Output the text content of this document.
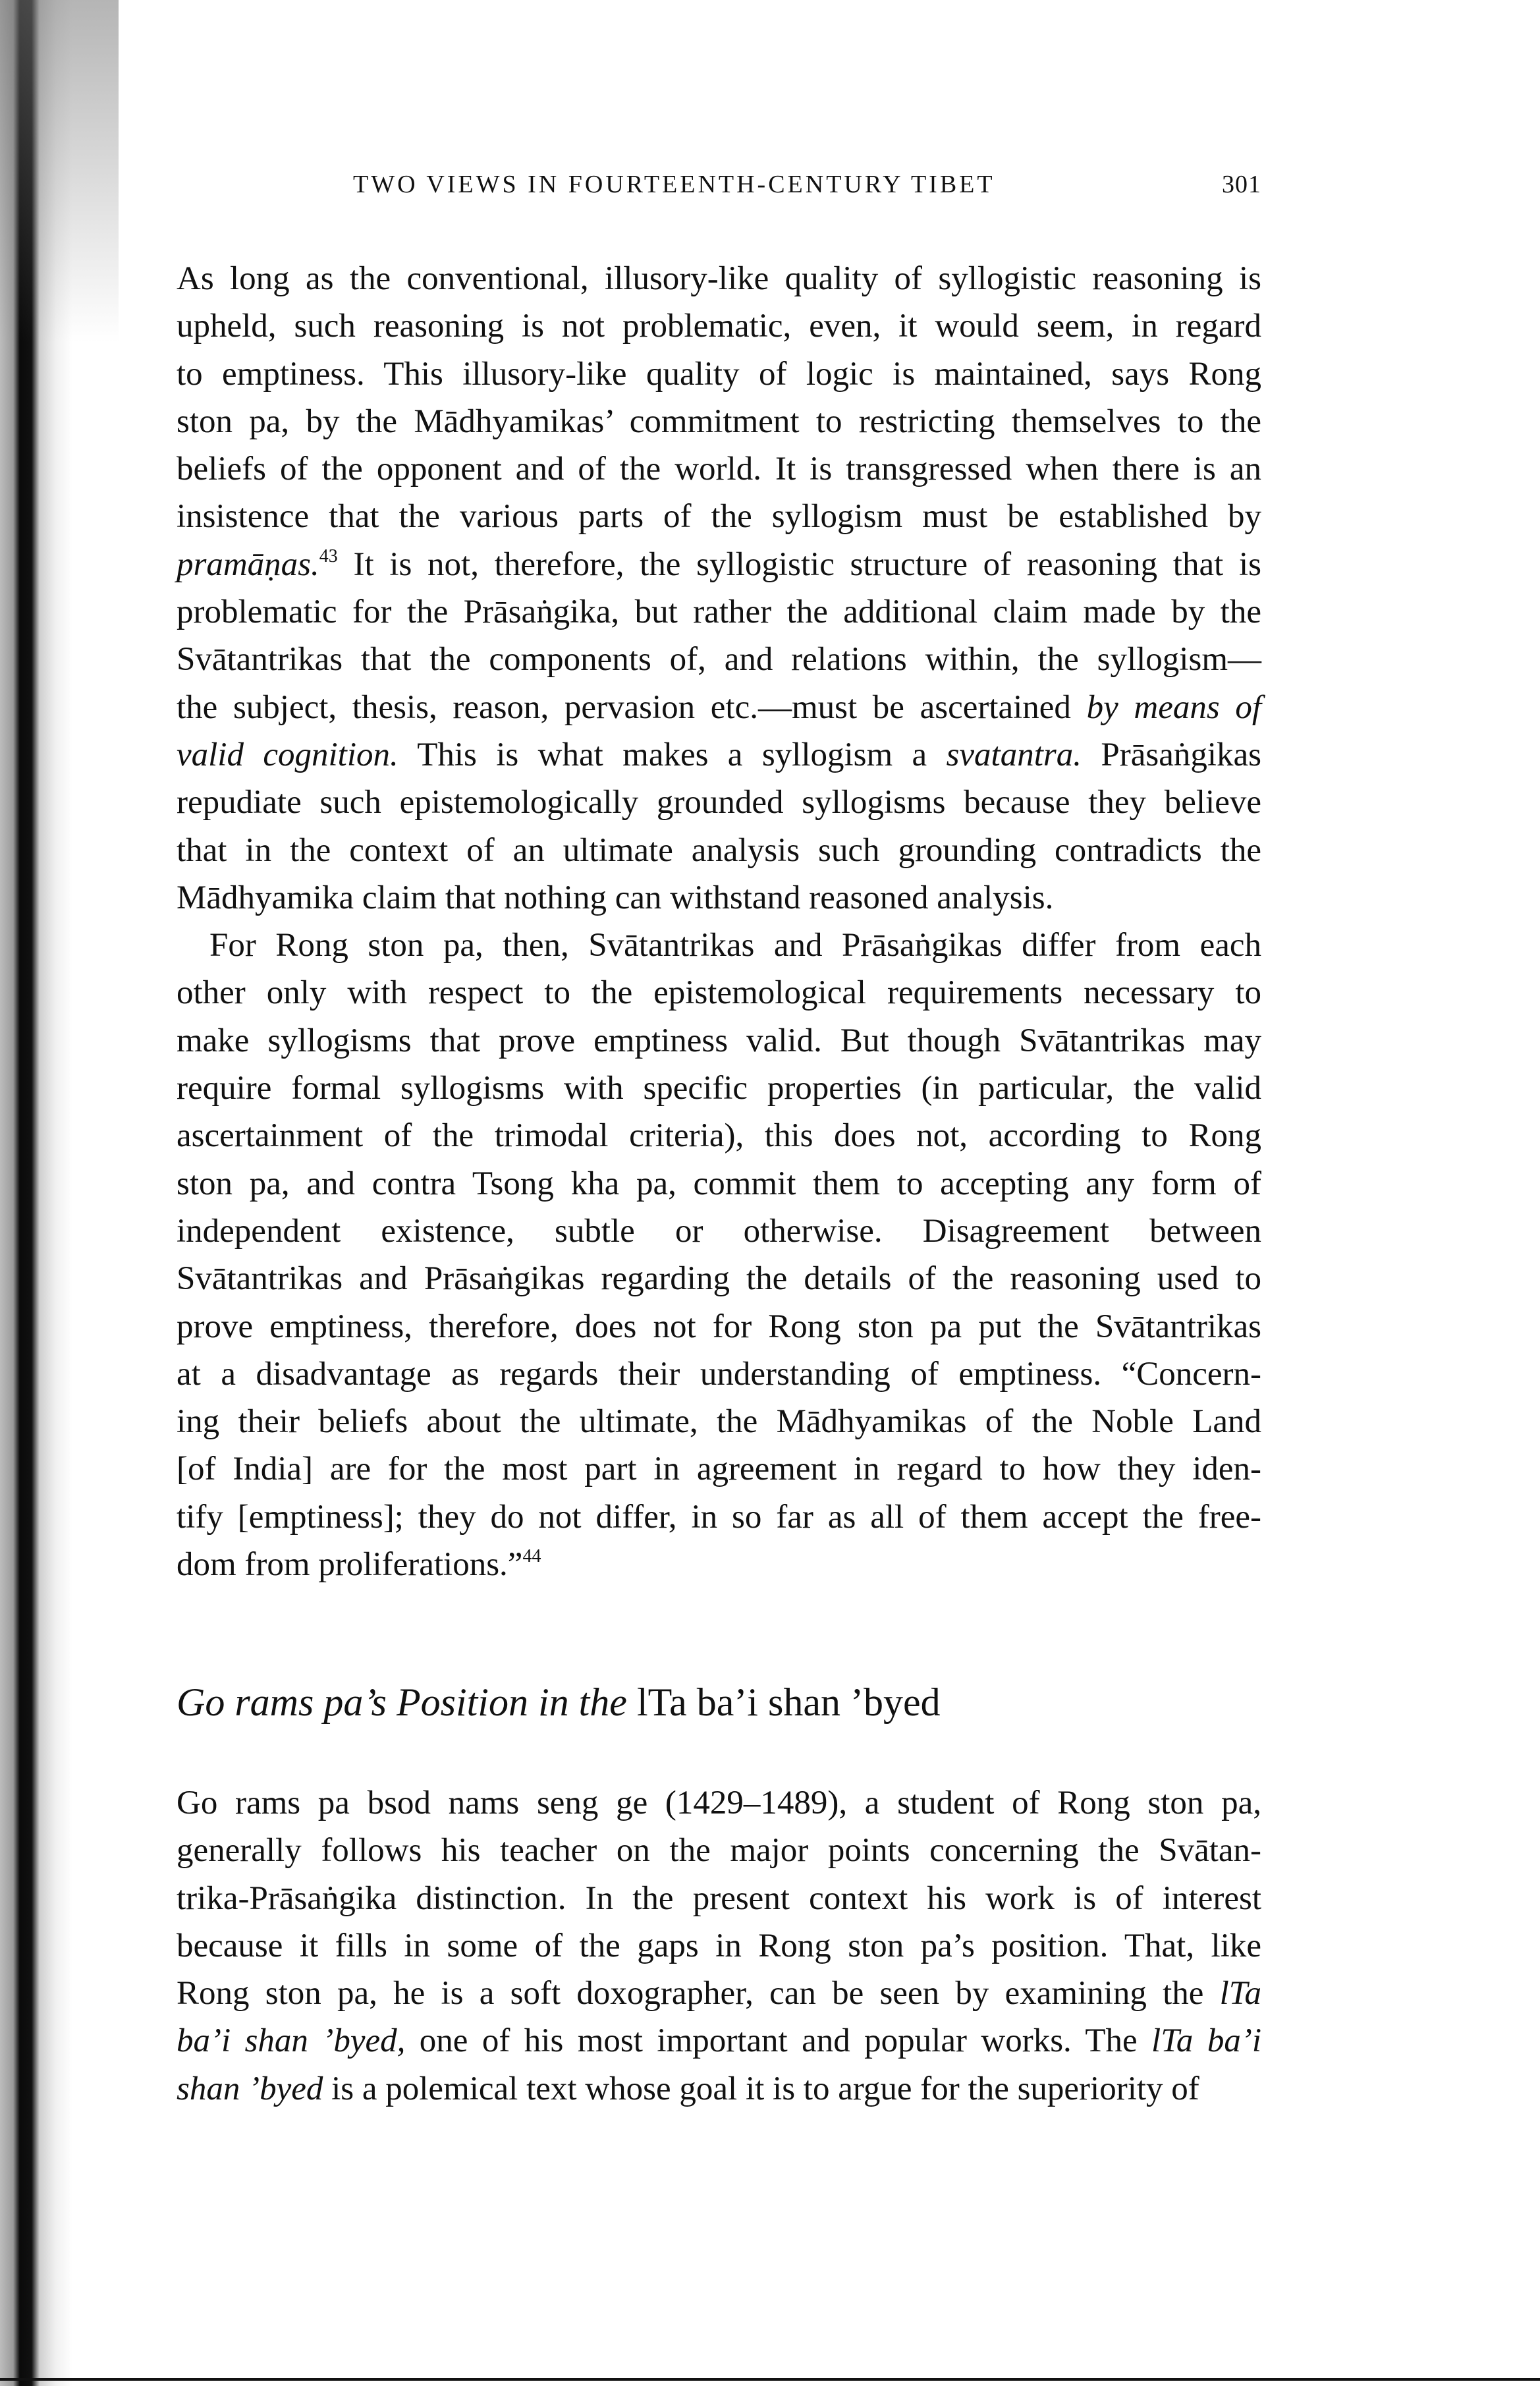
TWO VIEWS IN FOURTEENTH-CENTURY TIBET	301
As long as the conventional, illusory-like quality of syllogistic reasoning is
upheld, such reasoning is not problematic, even, it would seem, in regard
to emptiness. This illusory-like quality of logic is maintained, says Rong
ston pa, by the Mādhyamikas’ commitment to restricting themselves to the
beliefs of the opponent and of the world. It is transgressed when there is an
insistence that the various parts of the syllogism must be established by
pramāṇas.$^{43}$ It is not, therefore, the syllogistic structure of reasoning that is
problematic for the Prāsaṅgika, but rather the additional claim made by the
Svātantrikas that the components of, and relations within, the syllogism—
the subject, thesis, reason, pervasion etc.—must be ascertained by means of
valid cognition. This is what makes a syllogism a svatantra. Prāsaṅgikas
repudiate such epistemologically grounded syllogisms because they believe
that in the context of an ultimate analysis such grounding contradicts the
Mādhyamika claim that nothing can withstand reasoned analysis.
For Rong ston pa, then, Svātantrikas and Prāsaṅgikas differ from each
other only with respect to the epistemological requirements necessary to
make syllogisms that prove emptiness valid. But though Svātantrikas may
require formal syllogisms with specific properties (in particular, the valid
ascertainment of the trimodal criteria), this does not, according to Rong
ston pa, and contra Tsong kha pa, commit them to accepting any form of
independent existence, subtle or otherwise. Disagreement between
Svātantrikas and Prāsaṅgikas regarding the details of the reasoning used to
prove emptiness, therefore, does not for Rong ston pa put the Svātantrikas
at a disadvantage as regards their understanding of emptiness. “Concern-
ing their beliefs about the ultimate, the Mādhyamikas of the Noble Land
[of India] are for the most part in agreement in regard to how they iden-
tify [emptiness]; they do not differ, in so far as all of them accept the free-
dom from proliferations.”$^{44}$
Go rams pa’s Position in the lTa ba’i shan ’byed
Go rams pa bsod nams seng ge (1429–1489), a student of Rong ston pa,
generally follows his teacher on the major points concerning the Svātan-
trika-Prāsaṅgika distinction. In the present context his work is of interest
because it fills in some of the gaps in Rong ston pa’s position. That, like
Rong ston pa, he is a soft doxographer, can be seen by examining the lTa
ba’i shan ’byed, one of his most important and popular works. The lTa ba’i
shan ’byed is a polemical text whose goal it is to argue for the superiority of
